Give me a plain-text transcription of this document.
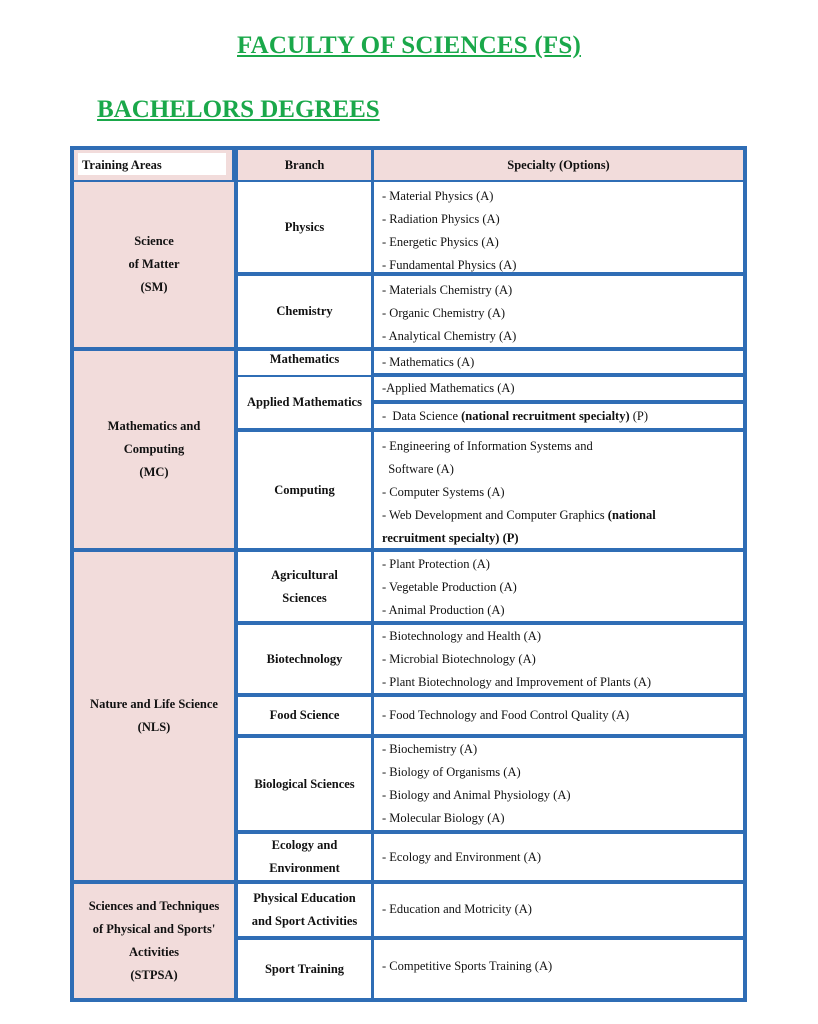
FACULTY OF SCIENCES (FS)
BACHELORS DEGREES
Training Areas	Branch	Specialty (Options)
Science
of Matter
(SM)
Mathematics and
Computing
(MC)
Nature and Life Science
(NLS)
Sciences and Techniques
of Physical and Sports'
Activities
(STPSA)
Physics
Chemistry
Mathematics
Applied Mathematics
Computing
Agricultural
Sciences
Biotechnology
Food Science
Biological Sciences
Ecology and
Environment
Physical Education
and Sport Activities
Sport Training
- Material Physics (A)
- Radiation Physics (A)
- Energetic Physics (A)
- Fundamental Physics (A)
- Materials Chemistry (A)
- Organic Chemistry (A)
- Analytical Chemistry (A)
- Mathematics (A)
-Applied Mathematics (A)
-  Data Science (national recruitment specialty) (P)
- Engineering of Information Systems and
Software (A)
- Computer Systems (A)
- Web Development and Computer Graphics (national
recruitment specialty) (P)
- Plant Protection (A)
- Vegetable Production (A)
- Animal Production (A)
- Biotechnology and Health (A)
- Microbial Biotechnology (A)
- Plant Biotechnology and Improvement of Plants (A)
- Food Technology and Food Control Quality (A)
- Biochemistry (A)
- Biology of Organisms (A)
- Biology and Animal Physiology (A)
- Molecular Biology (A)
- Ecology and Environment (A)
- Education and Motricity (A)
- Competitive Sports Training (A)
